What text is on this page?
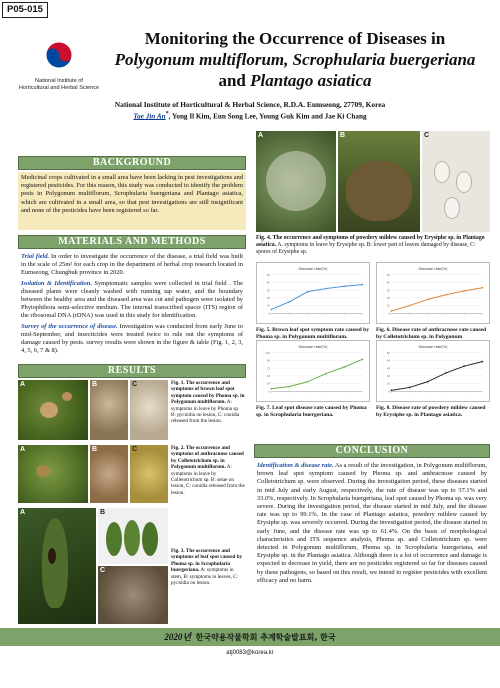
P05-015
National Institute of
Horticultural and Herbal Science
Monitoring the Occurrence of Diseases in
Polygonum multiflorum, Scrophularia buergeriana
and Plantago asiatica
National Institute of Horticultural & Herbal Science, R.D.A. Eumseong, 27709, Korea
Tae Jin An*, Yong Il Kim, Eun Song Lee, Young Guk Kim and Jae Ki Chang
BACKGROUND
Medicinal crops cultivated in a small area have been lacking in pest investigations and registered pesticides. For this reason, this study was conducted to identify the problem pests in Polygonum multiflorum, Scrophularia buergeriana and Plantago asiatica, which are cultivated in a small area, so that pest investigations are still insignificant and none of the pesticides have been registered so far.
MATERIALS AND METHODS
Trial field. In order to investigate the occurrence of the disease, a trial field was built in the scale of 25m² for each crop in the department of herbal crop research located in Eumseong, Chungbuk province in 2020.
Isolation & Identification. Symptomatic samples were collected in trial field . The diseased plants were cleanly washed with running tap water, and the boundary between the healthy area and the diseased area was cut and pathogen were isolated by Phytophthora semi-selective medium. The internal transcribed spacer (ITS) region of the ribosomal DNA (rDNA) was used in this study for identification.
Survey of the occurrence of disease. Investigation was conducted from early June to mid-September, and insecticides were treated twice to rule out the symptoms of damage caused by pests. survey results were shown in the figure & table (Fig. 1, 2, 3, 4, 5, 6, 7 & 8).
RESULTS
A	B	C	Fig. 1. The occurrence and symptoms of brown leaf spot symptom caused by Phoma sp. in Polygonum multiflorum. A: symptoms in leave by Phoma sp. B: pycnidia on lesion, C: conidia released from the lesion.
A	B	C	Fig. 2. The occurrence and symptoms of anthracnose caused by Colletotrichum sp. in Polygonum multiflorum. A: symptoms in leave by Colletotrichum sp. B: setae on lesion, C: conidia released from the lesion.
A	B
C
Fig. 3. The occurrence and symptoms of leaf spot caused by Phoma sp. in Scrophularia buergeriana. A: symptoms in stem, B: symptoms in leaves, C: pycnidia on lesion.
A	B	C
Fig. 4. The occurrence and symptoms of powdery mildew caused by Erysiphe sp. in Plantago asiatica. A. symptoms in leave by Erysiphe sp. B: lower part of leaves damaged by disease, C: spores of Erysiphe sp.
Disease rate(%)
0
10
20
30
40
50
Disease rate(%)
0
10
20
30
40
50
Fig. 5. Brown leaf spot symptom rate caused by Phoma sp. in Polygonum multiflorum.
Fig. 6. Disease rate of anthracnose rate caused by Colletotrichum sp. in Polygonum
Disease rate(%)
0
24
48
72
96
120
Disease rate(%)
0
16
32
48
64
80
Fig. 7. Leaf spot disease rate caused by Phoma sp. in Scrophularia buergeriana.
Fig. 8. Disease rate of powdery mildew caused by Erysiphe sp. in Plantago asiatica.
CONCLUSION
Identification & disease rate. As a result of the investigation, in Polygonum multiflorum, brown leaf spot symptom caused by Phoma sp. and anthracnose caused by Colletotrichum sp. were observed. During the investigation period, these diseases started in mid July and early August, respectively, the rate of disease was up to 37.1% and 33.0%, respectively. In Scrophularia buergeriana, leaf spot caused by Phoma sp. was very severe. During the investigation period, the disease started in mid July, and the disease rate was up to 99.1%. In the case of Plantago asiatica, powdery mildew caused by Erysiphe sp. was severely occurred. During the investigation period, the disease started in early June, and the disease rate was up to 61.4%. On the basis of morphological characteristics and ITS sequence analysis, Phoma sp. and Colletotrichum sp. were detected in Polygonum multiflorum, Phoma sp. in Scrophularia buergeriana, and Erysiphe sp. in the Plantago asiatica. Although there is a lot of occurrence and damage is expected to decrease in yield, there are no pesticides registered so far for diseases caused by these pathogens, so based on this result, we intend to register pesticides with excellent efficacy and no harm.
2020년 한국약용작물학회 추계학술발표회, 한국
atj0083@korea.kr
